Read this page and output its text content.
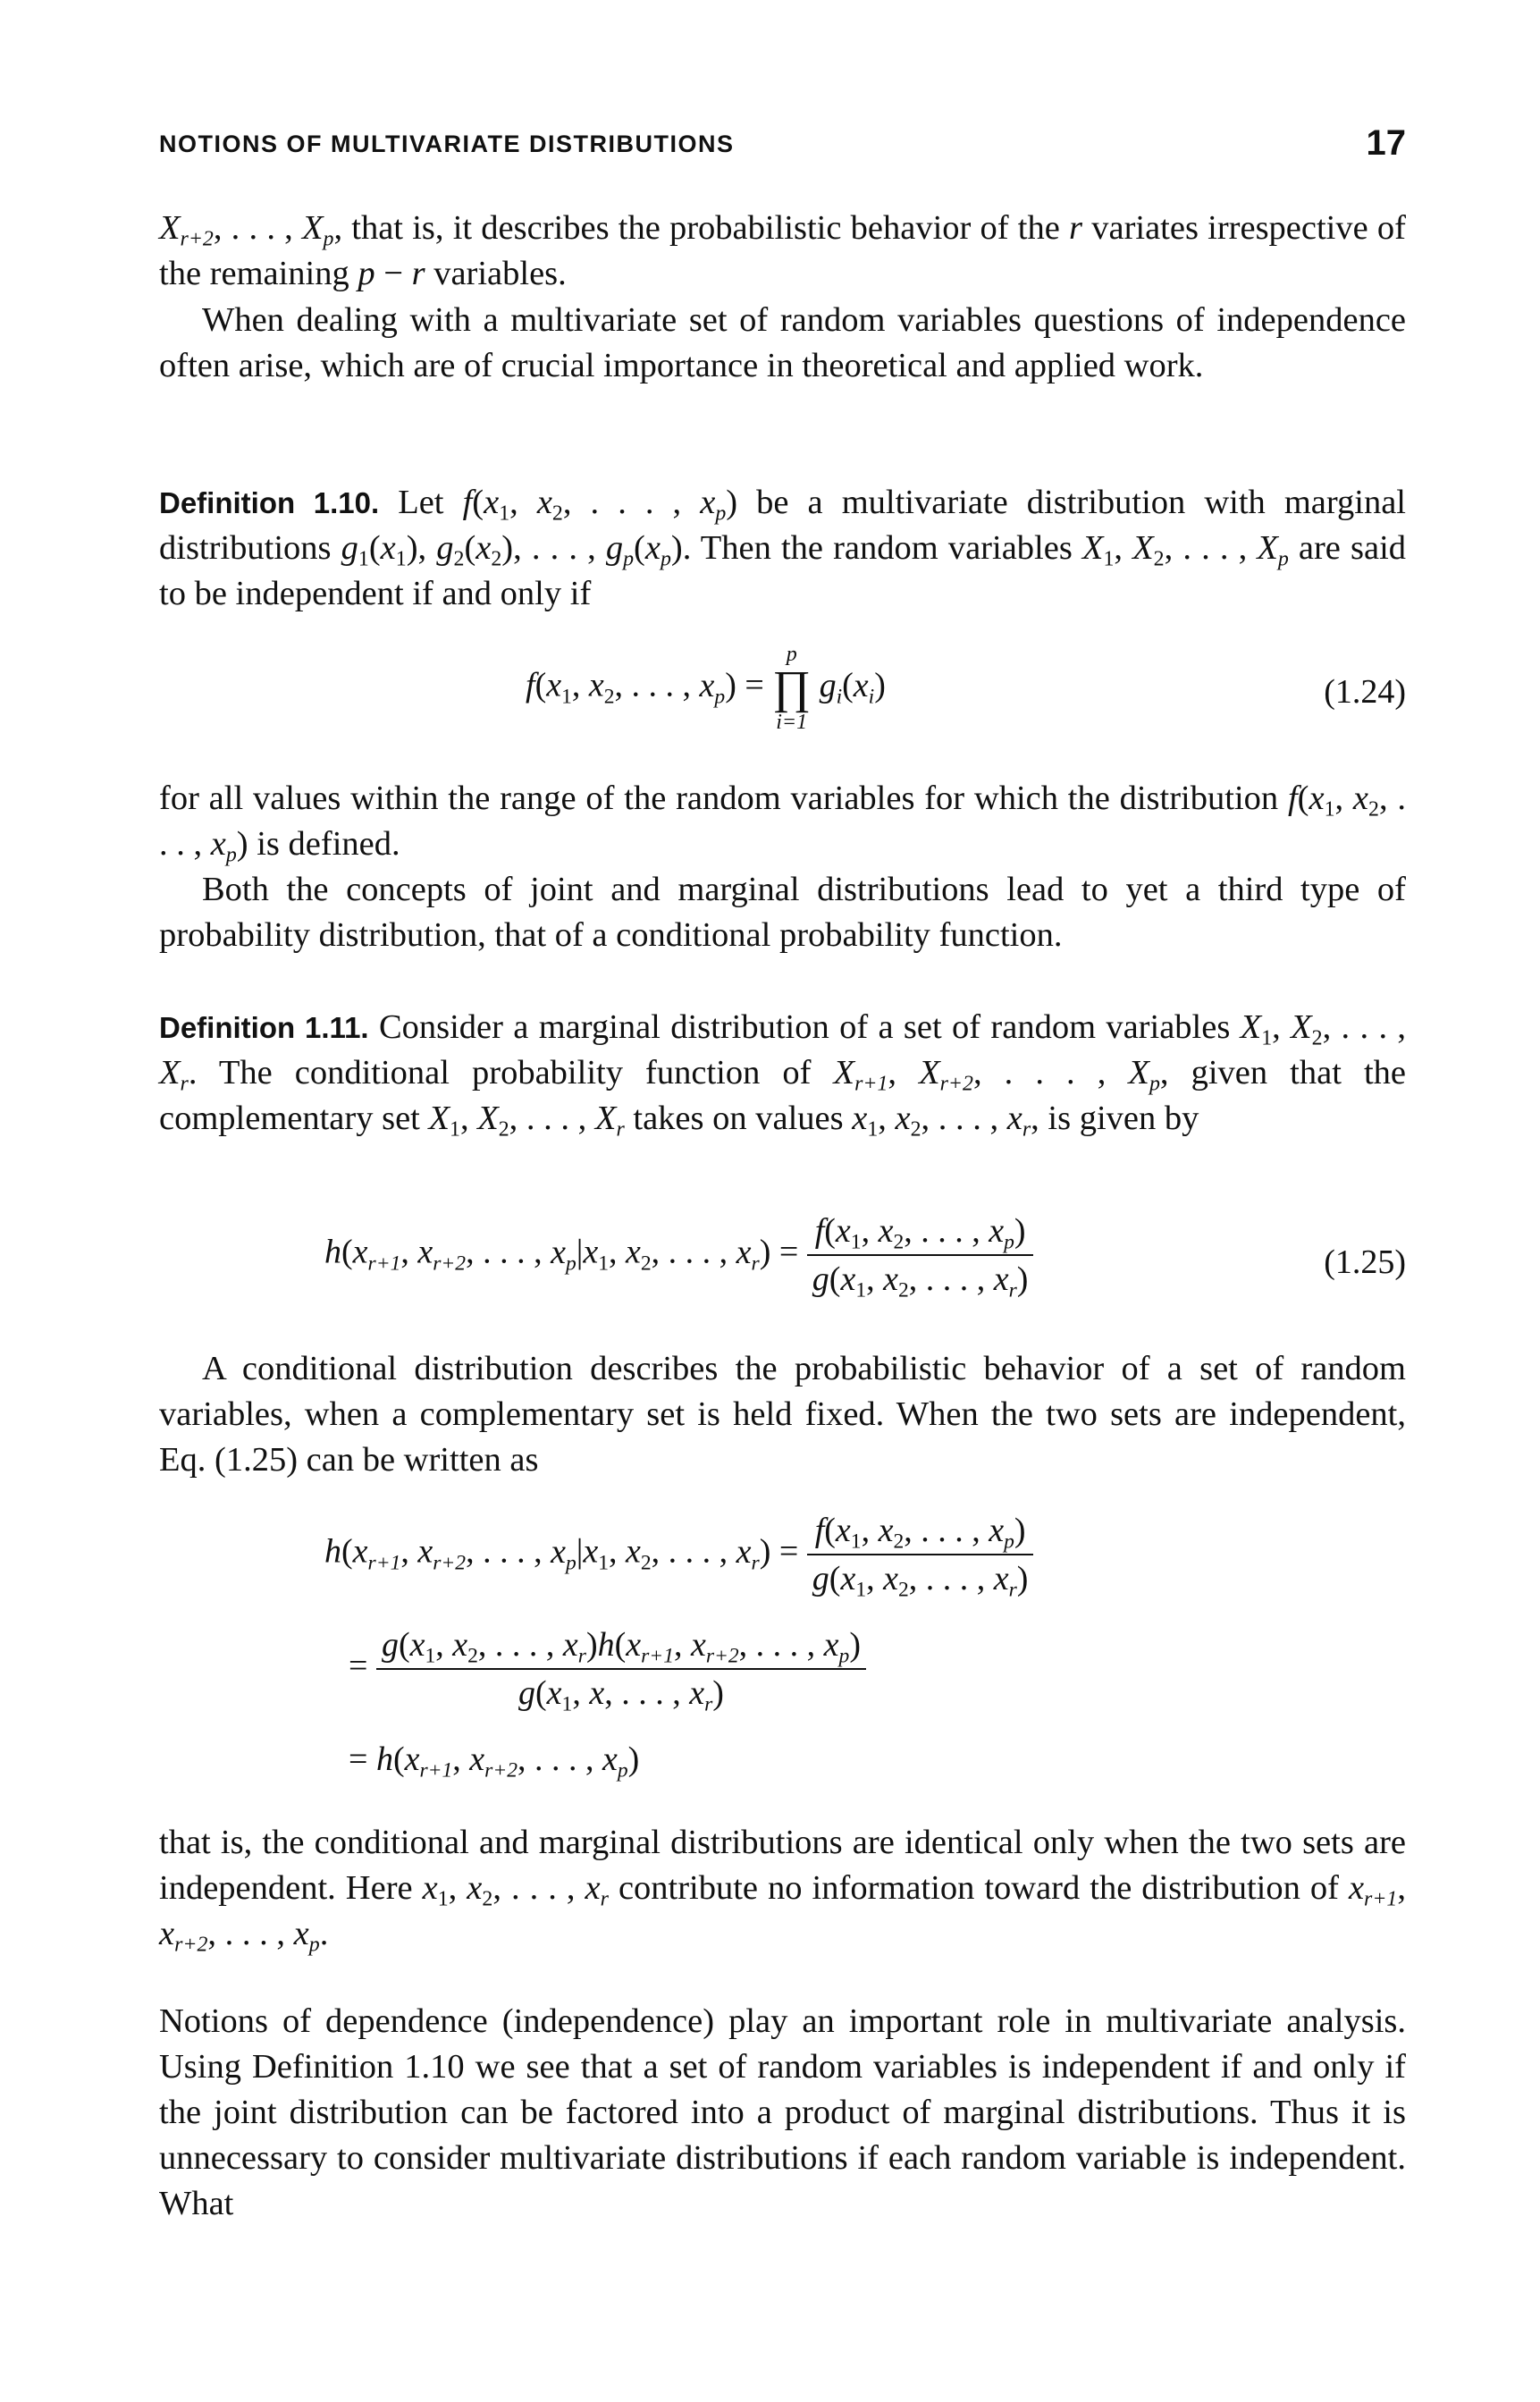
NOTIONS OF MULTIVARIATE DISTRIBUTIONS	17
$X_{r+2}$, . . . , $X_p$, that is, it describes the probabilistic behavior of the r variates irrespective of the remaining p − r variables.
When dealing with a multivariate set of random variables questions of independence often arise, which are of crucial importance in theoretical and applied work.
Definition 1.10. Let $f(x_1$, $x_2$, . . . , $x_p$) be a multivariate distribution with marginal distributions $g_1(x_1)$, $g_2(x_2)$, . . . , $g_p(x_p)$. Then the random variables $X_1$, $X_2$, . . . , $X_p$ are said to be independent if and only if
$f(x_1$, $x_2$, . . . , $x_p$) =
p
∏
i=1
$g_i(x_i)$	(1.24)
for all values within the range of the random variables for which the distribution $f(x_1$, $x_2$, . . . , $x_p$) is defined.
Both the concepts of joint and marginal distributions lead to yet a third type of probability distribution, that of a conditional probability function.
Definition 1.11. Consider a marginal distribution of a set of random variables $X_1$, $X_2$, . . . , $X_r$. The conditional probability function of $X_{r+1}$, $X_{r+2}$, . . . , $X_p$, given that the complementary set $X_1$, $X_2$, . . . , $X_r$ takes on values $x_1$, $x_2$, . . . , $x_r$, is given by
$h(x_{r+1}$, $x_{r+2}$, . . . , $x_p|x_1$, $x_2$, . . . , $x_r) = \frac{f(x_1, x_2, . . . , x_p)}{g(x_1, x_2, . . . , x_r)}$	(1.25)
A conditional distribution describes the probabilistic behavior of a set of random variables, when a complementary set is held fixed. When the two sets are independent, Eq. (1.25) can be written as
$h(x_{r+1}$, $x_{r+2}$, . . . , $x_p|x_1$, $x_2$, . . . , $x_r) = \frac{f(x_1, x_2, . . . , x_p)}{g(x_1, x_2, . . . , x_r)}$
= $\frac{g(x_1, x_2, . . . , x_r)h(x_{r+1}, x_{r+2}, . . . , x_p)}{g(x_1, x, . . . , x_r)}$
= $h(x_{r+1}$, $x_{r+2}$, . . . , $x_p$)
that is, the conditional and marginal distributions are identical only when the two sets are independent. Here $x_1$, $x_2$, . . . , $x_r$ contribute no information toward the distribution of $x_{r+1}$, $x_{r+2}$, . . . , $x_p$.
Notions of dependence (independence) play an important role in multivariate analysis. Using Definition 1.10 we see that a set of random variables is independent if and only if the joint distribution can be factored into a product of marginal distributions. Thus it is unnecessary to consider multivariate distributions if each random variable is independent. What
